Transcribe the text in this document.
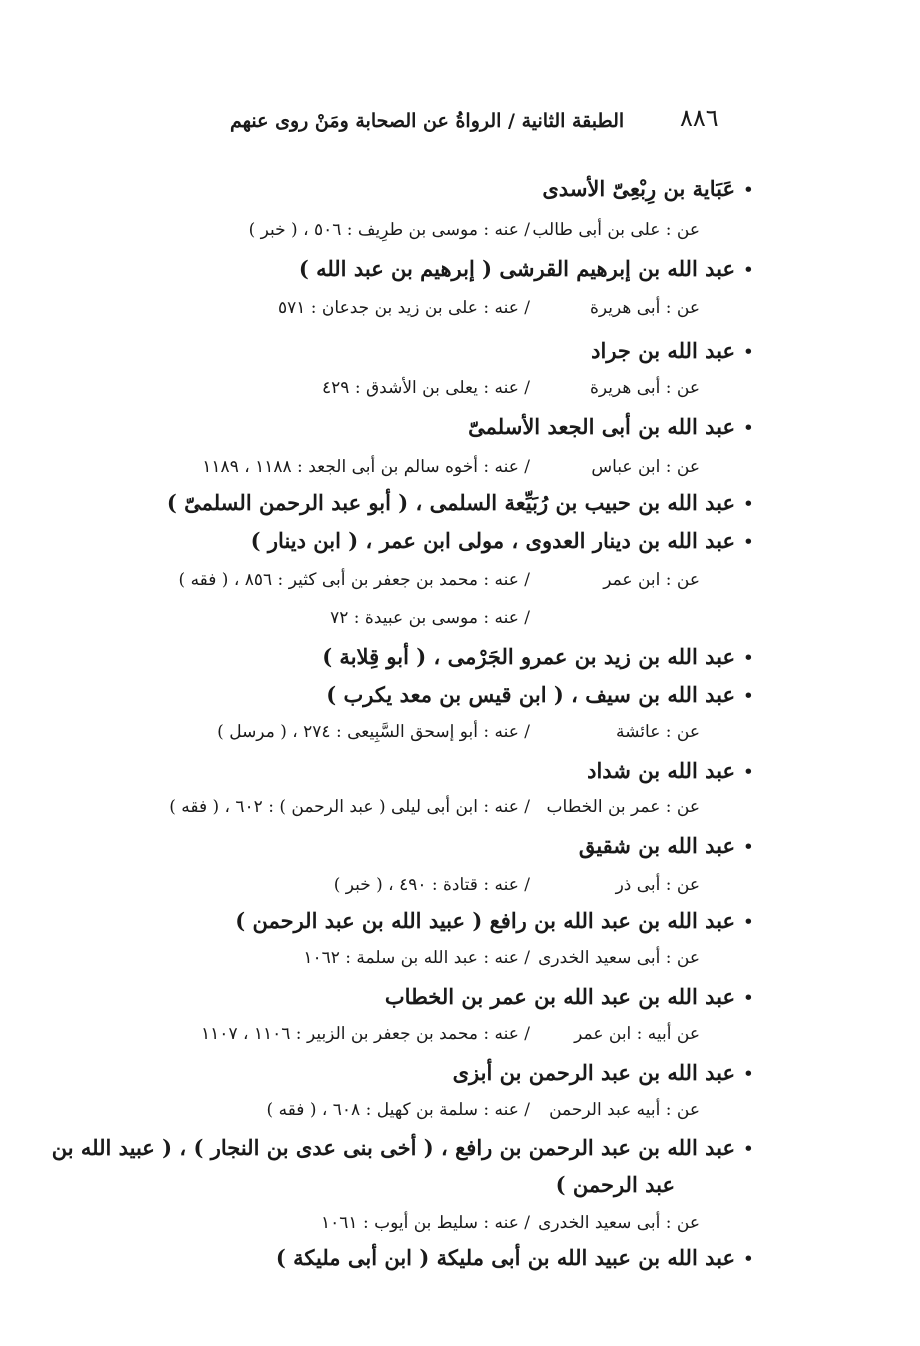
٨٨٦
الطبقة الثانية / الرواةُ عن الصحابة ومَنْ روى عنهم
•
عَبَاية بن رِبْعِىّ الأسدى
عن : على بن أبى طالب
/ عنه : موسى بن طرِيف : ٥٠٦ ، ( خبر )
•
عبد الله بن إبرهيم القرشى ( إبرهيم بن عبد الله )
عن : أبى هريرة
/ عنه : على بن زيد بن جدعان : ٥٧١
•
عبد الله بن جراد
عن : أبى هريرة
/ عنه : يعلى بن الأشدق : ٤٢٩
•
عبد الله بن أبى الجعد الأسلمىّ
عن : ابن عباس
/ عنه : أخوه سالم بن أبى الجعد : ١١٨٨ ، ١١٨٩
•
عبد الله بن حبيب بن رُبَيِّعة السلمى ، ( أبو عبد الرحمن السلمىّ )
•
عبد الله بن دينار العدوى ، مولى ابن عمر ، ( ابن دينار )
عن : ابن عمر
/ عنه : محمد بن جعفر بن أبى كثير : ٨٥٦ ، ( فقه )
/ عنه : موسى بن عبيدة : ٧٢
•
عبد الله بن زيد بن عمرو الجَرْمى ، ( أبو قِلابة )
•
عبد الله بن سيف ، ( ابن قيس بن معد يكرب )
عن : عائشة
/ عنه : أبو إسحق السَّبِيعى : ٢٧٤ ، ( مرسل )
•
عبد الله بن شداد
عن : عمر بن الخطاب
/ عنه : ابن أبى ليلى ( عبد الرحمن ) : ٦٠٢ ، ( فقه )
•
عبد الله بن شقيق
عن : أبى ذر
/ عنه : قتادة : ٤٩٠ ، ( خبر )
•
عبد الله بن عبد الله بن رافع ( عبيد الله بن عبد الرحمن )
عن : أبى سعيد الخدرى
/ عنه : عبد الله بن سلمة : ١٠٦٢
•
عبد الله بن عبد الله بن عمر بن الخطاب
عن أبيه : ابن عمر
/ عنه : محمد بن جعفر بن الزبير : ١١٠٦ ، ١١٠٧
•
عبد الله بن عبد الرحمن بن أبزى
عن : أبيه عبد الرحمن
/ عنه : سلمة بن كهيل : ٦٠٨ ، ( فقه )
•
عبد الله بن عبد الرحمن بن رافع ، ( أخى بنى عدى بن النجار ) ، ( عبيد الله بن
عبد الرحمن )
عن : أبى سعيد الخدرى
/ عنه : سليط بن أيوب : ١٠٦١
•
عبد الله بن عبيد الله بن أبى مليكة ( ابن أبى مليكة )
